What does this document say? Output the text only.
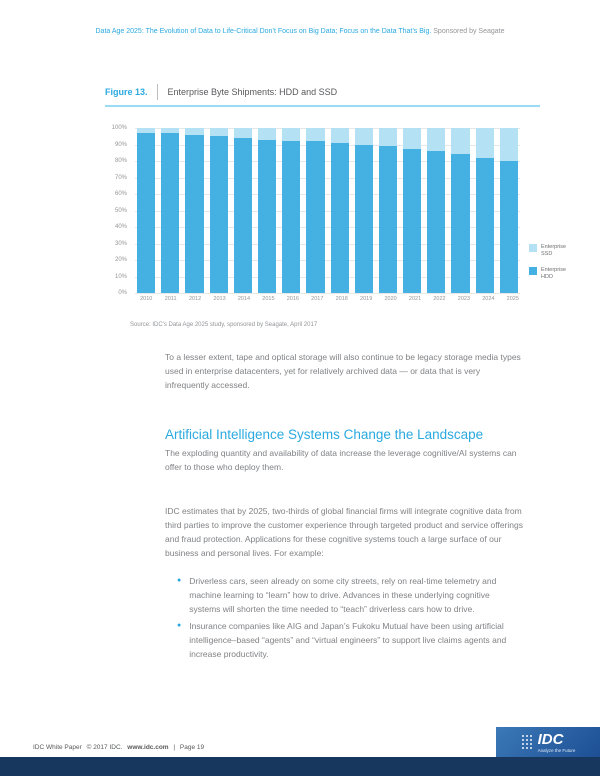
Data Age 2025: The Evolution of Data to Life-Critical Don’t Focus on Big Data; Focus on the Data That’s Big. Sponsored by Seagate
Figure 13. Enterprise Byte Shipments: HDD and SSD
0%
10%
20%
30%
40%
50%
60%
70%
80%
90%
100%
2010	2011	2012	2013	2014	2015	2016	2017	2018	2019	2020	2021	2022	2023	2024	2025
Enterprise SSD
Enterprise HDD
Source: IDC's Data Age 2025 study, sponsored by Seagate, April 2017

To a lesser extent, tape and optical storage will also continue to be legacy storage media types used in enterprise datacenters, yet for relatively archived data — or data that is very infrequently accessed.

Artificial Intelligence Systems Change the Landscape

The exploding quantity and availability of data increase the leverage cognitive/AI systems can offer to those who deploy them.

IDC estimates that by 2025, two-thirds of global financial firms will integrate cognitive data from third parties to improve the customer experience through targeted product and service offerings and fraud protection. Applications for these cognitive systems touch a large surface of our business and personal lives. For example:

● Driverless cars, seen already on some city streets, rely on real-time telemetry and machine learning to “learn” how to drive. Advances in these underlying cognitive systems will shorten the time needed to “teach” driverless cars how to drive.
● Insurance companies like AIG and Japan’s Fukoku Mutual have been using artificial intelligence–based “agents” and “virtual engineers” to support live claims agents and increase productivity.
IDC White Paper © 2017 IDC. www.idc.com | Page 19	IDC
Analyze the Future
